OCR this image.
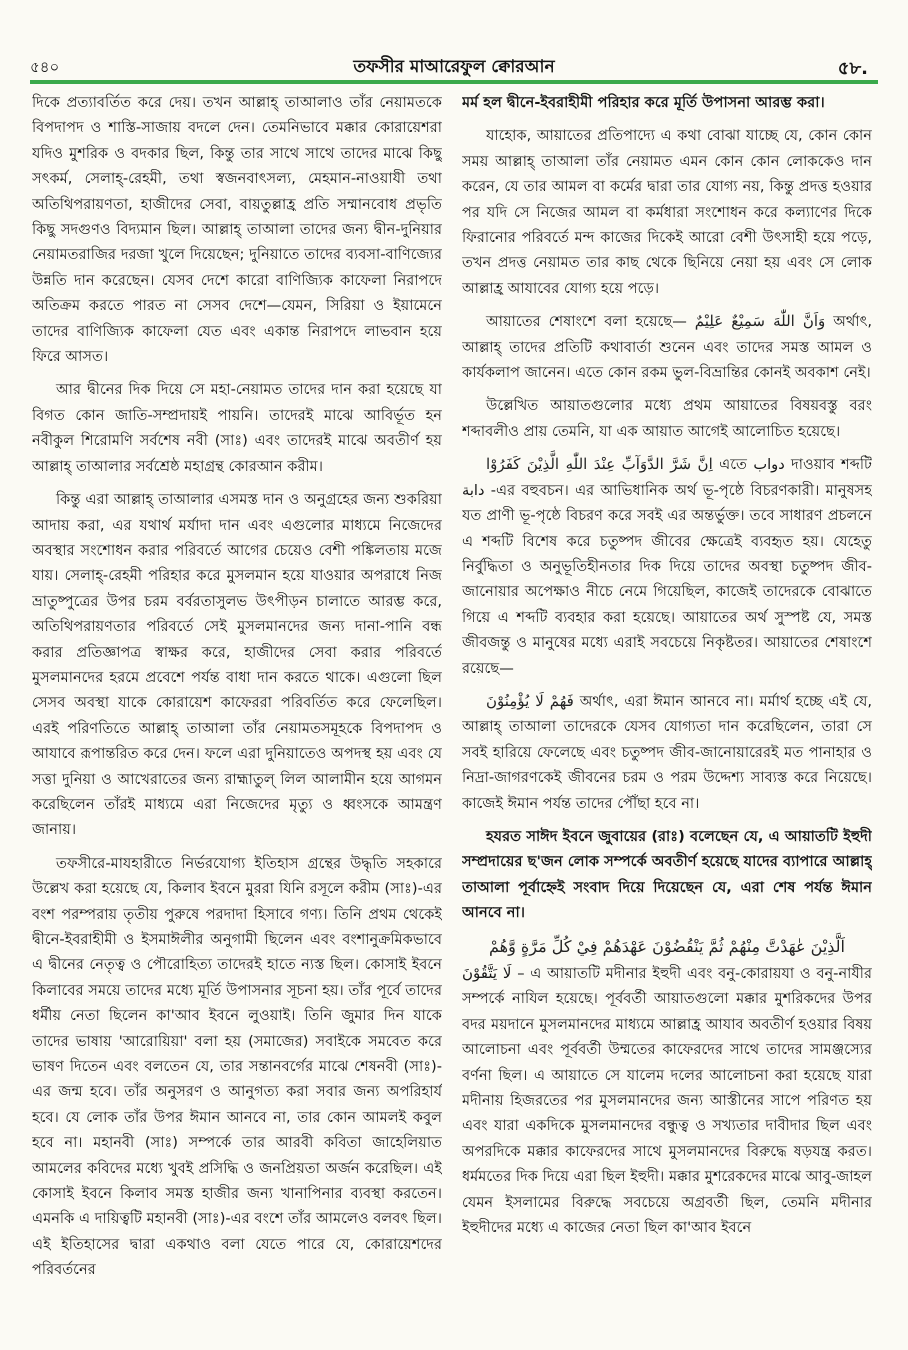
৫৪০	তফসীর মাআরেফুল ক্বোরআন	৫৮.

দিকে প্রত্যাবর্তিত করে দেয়। তখন আল্লাহ্ তাআলাও তাঁর নেয়ামতকে বিপদাপদ ও শাস্তি-সাজায় বদলে দেন। তেমনিভাবে মক্কার কোরায়েশরা যদিও মুশরিক ও বদকার ছিল, কিন্তু তার সাথে সাথে তাদের মাঝে কিছু সৎকর্ম, সেলাহ্-রেহমী, তথা স্বজনবাৎসল্য, মেহমান-নাওয়াযী তথা অতিথিপরায়ণতা, হাজীদের সেবা, বায়তুল্লাহ্র প্রতি সম্মানবোধ প্রভৃতি কিছু সদগুণও বিদ্যমান ছিল। আল্লাহ্ তাআলা তাদের জন্য দ্বীন-দুনিয়ার নেয়ামতরাজির দরজা খুলে দিয়েছেন; দুনিয়াতে তাদের ব্যবসা-বাণিজ্যের উন্নতি দান করেছেন। যেসব দেশে কারো বাণিজ্যিক কাফেলা নিরাপদে অতিক্রম করতে পারত না সেসব দেশে—যেমন, সিরিয়া ও ইয়ামেনে তাদের বাণিজ্যিক কাফেলা যেত এবং একান্ত নিরাপদে লাভবান হয়ে ফিরে আসত।

আর দ্বীনের দিক দিয়ে সে মহা-নেয়ামত তাদের দান করা হয়েছে যা বিগত কোন জাতি-সম্প্রদায়ই পায়নি। তাদেরই মাঝে আবির্ভূত হন নবীকুল শিরোমণি সর্বশেষ নবী (সাঃ) এবং তাদেরই মাঝে অবতীর্ণ হয় আল্লাহ্ তাআলার সর্বশ্রেষ্ঠ মহাগ্রন্থ কোরআন করীম।

কিন্তু এরা আল্লাহ্ তাআলার এসমস্ত দান ও অনুগ্রহের জন্য শুকরিয়া আদায় করা, এর যথার্থ মর্যাদা দান এবং এগুলোর মাধ্যমে নিজেদের অবস্থার সংশোধন করার পরিবর্তে আগের চেয়েও বেশী পঙ্কিলতায় মজে যায়। সেলাহ্-রেহমী পরিহার করে মুসলমান হয়ে যাওয়ার অপরাধে নিজ ভ্রাতুষ্পুত্রের উপর চরম বর্বরতাসুলভ উৎপীড়ন চালাতে আরম্ভ করে, অতিথিপরায়ণতার পরিবর্তে সেই মুসলমানদের জন্য দানা-পানি বন্ধ করার প্রতিজ্ঞাপত্র স্বাক্ষর করে, হাজীদের সেবা করার পরিবর্তে মুসলমানদের হরমে প্রবেশে পর্যন্ত বাধা দান করতে থাকে। এগুলো ছিল সেসব অবস্থা যাকে কোরায়েশ কাফেররা পরিবর্তিত করে ফেলেছিল। এরই পরিণতিতে আল্লাহ্ তাআলা তাঁর নেয়ামতসমূহকে বিপদাপদ ও আযাবে রূপান্তরিত করে দেন। ফলে এরা দুনিয়াতেও অপদস্থ হয় এবং যে সত্তা দুনিয়া ও আখেরাতের জন্য রাহ্মাতুল্ লিল আলামীন হয়ে আগমন করেছিলেন তাঁরই মাধ্যমে এরা নিজেদের মৃত্যু ও ধ্বংসকে আমন্ত্রণ জানায়।

তফসীরে-মাযহারীতে নির্ভরযোগ্য ইতিহাস গ্রন্থের উদ্ধৃতি সহকারে উল্লেখ করা হয়েছে যে, কিলাব ইবনে মুররা যিনি রসূলে করীম (সাঃ)-এর বংশ পরম্পরায় তৃতীয় পুরুষে পরদাদা হিসাবে গণ্য। তিনি প্রথম থেকেই দ্বীনে-ইবরাহীমী ও ইসমাঈলীর অনুগামী ছিলেন এবং বংশানুক্রমিকভাবে এ দ্বীনের নেতৃত্ব ও পৌরোহিত্য তাদেরই হাতে ন্যস্ত ছিল। কোসাই ইবনে কিলাবের সময়ে তাদের মধ্যে মূর্তি উপাসনার সূচনা হয়। তাঁর পূর্বে তাদের ধর্মীয় নেতা ছিলেন কা'আব ইবনে লুওয়াই। তিনি জুমার দিন যাকে তাদের ভাষায় 'আরোয়িয়া' বলা হয় (সমাজের) সবাইকে সমবেত করে ভাষণ দিতেন এবং বলতেন যে, তার সন্তানবর্গের মাঝে শেষনবী (সাঃ)-এর জন্ম হবে। তাঁর অনুসরণ ও আনুগত্য করা সবার জন্য অপরিহার্য হবে। যে লোক তাঁর উপর ঈমান আনবে না, তার কোন আমলই কবুল হবে না। মহানবী (সাঃ) সম্পর্কে তার আরবী কবিতা জাহেলিয়াত আমলের কবিদের মধ্যে খুবই প্রসিদ্ধি ও জনপ্রিয়তা অর্জন করেছিল। এই কোসাই ইবনে কিলাব সমস্ত হাজীর জন্য খানাপিনার ব্যবস্থা করতেন। এমনকি এ দায়িত্বটি মহানবী (সাঃ)-এর বংশে তাঁর আমলেও বলবৎ ছিল। এই ইতিহাসের দ্বারা একথাও বলা যেতে পারে যে, কোরায়েশদের পরিবর্তনের

মর্ম হল দ্বীনে-ইবরাহীমী পরিহার করে মূর্তি উপাসনা আরম্ভ করা।

যাহোক, আয়াতের প্রতিপাদ্যে এ কথা বোঝা যাচ্ছে যে, কোন কোন সময় আল্লাহ্ তাআলা তাঁর নেয়ামত এমন কোন কোন লোককেও দান করেন, যে তার আমল বা কর্মের দ্বারা তার যোগ্য নয়, কিন্তু প্রদত্ত হওয়ার পর যদি সে নিজের আমল বা কর্মধারা সংশোধন করে কল্যাণের দিকে ফিরানোর পরিবর্তে মন্দ কাজের দিকেই আরো বেশী উৎসাহী হয়ে পড়ে, তখন প্রদত্ত নেয়ামত তার কাছ থেকে ছিনিয়ে নেয়া হয় এবং সে লোক আল্লাহ্র আযাবের যোগ্য হয়ে পড়ে।

আয়াতের শেষাংশে বলা হয়েছে— وَاَنَّ اللّٰهَ سَمِيْعٌ عَلِيْمٌ অর্থাৎ, আল্লাহ্ তাদের প্রতিটি কথাবার্তা শুনেন এবং তাদের সমস্ত আমল ও কার্যকলাপ জানেন। এতে কোন রকম ভুল-বিভ্রান্তির কোনই অবকাশ নেই।

উল্লেখিত আয়াতগুলোর মধ্যে প্রথম আয়াতের বিষয়বস্তু বরং শব্দাবলীও প্রায় তেমনি, যা এক আয়াত আগেই আলোচিত হয়েছে।

اِنَّ شَرَّ الدَّوَآبِّ عِنْدَ اللّٰهِ الَّذِيْنَ كَفَرُوْا এতে دواب দাওয়াব শব্দটি دابة -এর বহুবচন। এর আভিধানিক অর্থ ভূ-পৃষ্ঠে বিচরণকারী। মানুষসহ যত প্রাণী ভূ-পৃষ্ঠে বিচরণ করে সবই এর অন্তর্ভুক্ত। তবে সাধারণ প্রচলনে এ শব্দটি বিশেষ করে চতুষ্পদ জীবের ক্ষেত্রেই ব্যবহৃত হয়। যেহেতু নির্বুদ্ধিতা ও অনুভূতিহীনতার দিক দিয়ে তাদের অবস্থা চতুষ্পদ জীব-জানোয়ার অপেক্ষাও নীচে নেমে গিয়েছিল, কাজেই তাদেরকে বোঝাতে গিয়ে এ শব্দটি ব্যবহার করা হয়েছে। আয়াতের অর্থ সুস্পষ্ট যে, সমস্ত জীবজন্তু ও মানুষের মধ্যে এরাই সবচেয়ে নিকৃষ্টতর। আয়াতের শেষাংশে রয়েছে—

فَهُمْ لَا يُؤْمِنُوْنَ অর্থাৎ, এরা ঈমান আনবে না। মর্মার্থ হচ্ছে এই যে, আল্লাহ্ তাআলা তাদেরকে যেসব যোগ্যতা দান করেছিলেন, তারা সে সবই হারিয়ে ফেলেছে এবং চতুষ্পদ জীব-জানোয়ারেরই মত পানাহার ও নিদ্রা-জাগরণকেই জীবনের চরম ও পরম উদ্দেশ্য সাব্যস্ত করে নিয়েছে। কাজেই ঈমান পর্যন্ত তাদের পৌঁছা হবে না।

হযরত সাঈদ ইবনে জুবায়ের (রাঃ) বলেছেন যে, এ আয়াতটি ইহুদী সম্প্রদায়ের ছ'জন লোক সম্পর্কে অবতীর্ণ হয়েছে যাদের ব্যাপারে আল্লাহ্ তাআলা পূর্বাহ্নেই সংবাদ দিয়ে দিয়েছেন যে, এরা শেষ পর্যন্ত ঈমান আনবে না।

اَلَّذِيْنَ عٰهَدْتَّ مِنْهُمْ ثُمَّ يَنْقُضُوْنَ عَهْدَهُمْ فِيْ كُلِّ مَرَّةٍ وَّهُمْ

لَا يَتَّقُوْنَ – এ আয়াতটি মদীনার ইহুদী এবং বনু-কোরায়যা ও বনু-নাযীর সম্পর্কে নাযিল হয়েছে। পূর্ববর্তী আয়াতগুলো মক্কার মুশরিকদের উপর বদর ময়দানে মুসলমানদের মাধ্যমে আল্লাহ্র আযাব অবতীর্ণ হওয়ার বিষয় আলোচনা এবং পূর্ববর্তী উম্মতের কাফেরদের সাথে তাদের সামঞ্জস্যের বর্ণনা ছিল। এ আয়াতে সে যালেম দলের আলোচনা করা হয়েছে যারা মদীনায় হিজরতের পর মুসলমানদের জন্য আস্তীনের সাপে পরিণত হয় এবং যারা একদিকে মুসলমানদের বন্ধুত্ব ও সখ্যতার দাবীদার ছিল এবং অপরদিকে মক্কার কাফেরদের সাথে মুসলমানদের বিরুদ্ধে ষড়যন্ত্র করত। ধর্মমতের দিক দিয়ে এরা ছিল ইহুদী। মক্কার মুশরেকদের মাঝে আবু-জাহল যেমন ইসলামের বিরুদ্ধে সবচেয়ে অগ্রবর্তী ছিল, তেমনি মদীনার ইহুদীদের মধ্যে এ কাজের নেতা ছিল কা'আব ইবনে
